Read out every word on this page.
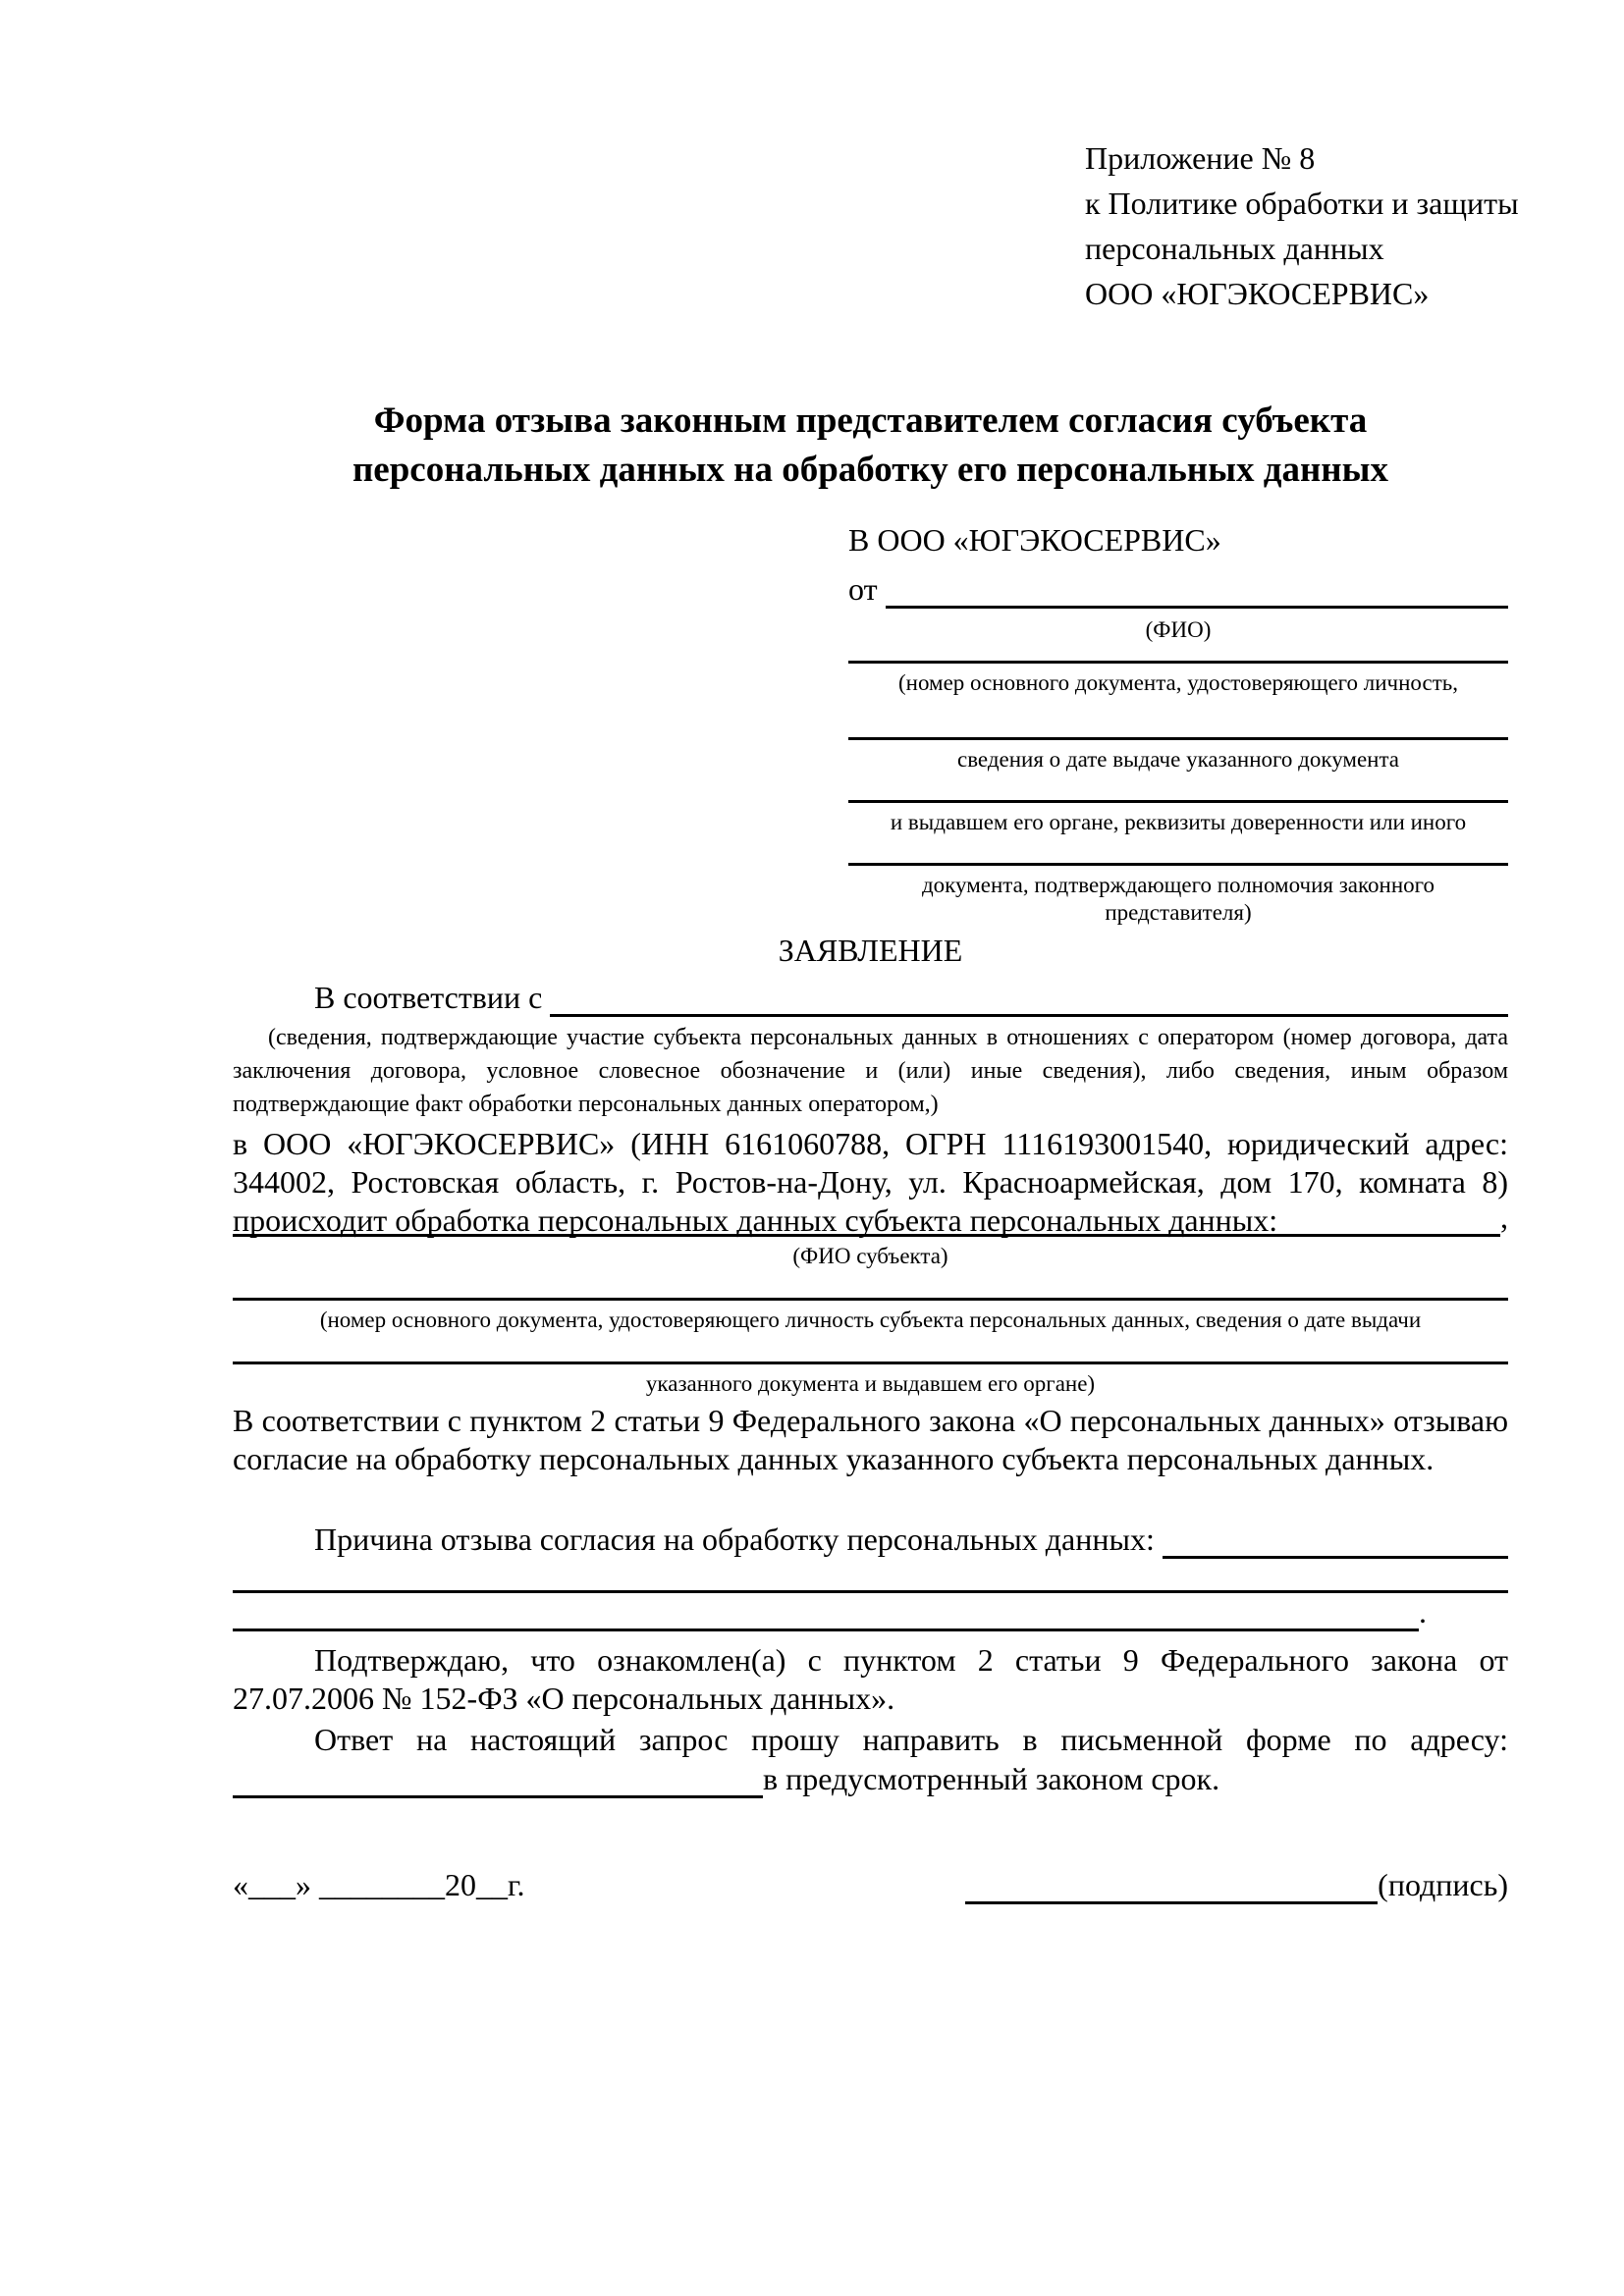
Приложение № 8
к Политике обработки и защиты
персональных данных
ООО «ЮГЭКОСЕРВИС»
Форма отзыва законным представителем согласия субъекта
персональных данных на обработку его персональных данных
В ООО «ЮГЭКОСЕРВИС»
от

(ФИО)
(номер основного документа, удостоверяющего личность,
сведения о дате выдаче указанного документа
и выдавшем его органе, реквизиты доверенности или иного
документа, подтверждающего полномочия законного представителя)
ЗАЯВЛЕНИЕ
В соответствии с

(сведения, подтверждающие участие субъекта персональных данных в отношениях с оператором (номер договора, дата заключения договора, условное словесное обозначение и (или) иные сведения), либо сведения, иным образом подтверждающие факт обработки персональных данных оператором,)
в ООО «ЮГЭКОСЕРВИС» (ИНН 6161060788, ОГРН 1116193001540, юридический адрес: 344002, Ростовская область, г. Ростов-на-Дону, ул. Красноармейская, дом 170, комната 8) происходит обработка персональных данных субъекта персональных данных:	,
(ФИО субъекта)
(номер основного документа, удостоверяющего личность субъекта персональных данных, сведения о дате выдачи
указанного документа и выдавшем его органе)
В соответствии с пунктом 2 статьи 9 Федерального закона «О персональных данных» отзываю согласие на обработку персональных данных указанного субъекта персональных данных.
Причина отзыва согласия на обработку персональных данных:

.
Подтверждаю, что ознакомлен(а) с пунктом 2 статьи 9 Федерального закона от 27.07.2006 № 152-ФЗ «О персональных данных».
Ответ на настоящий запрос прошу направить в письменной форме по адресу:
в предусмотренный законом срок.
«___» ________20__г.	(подпись)
